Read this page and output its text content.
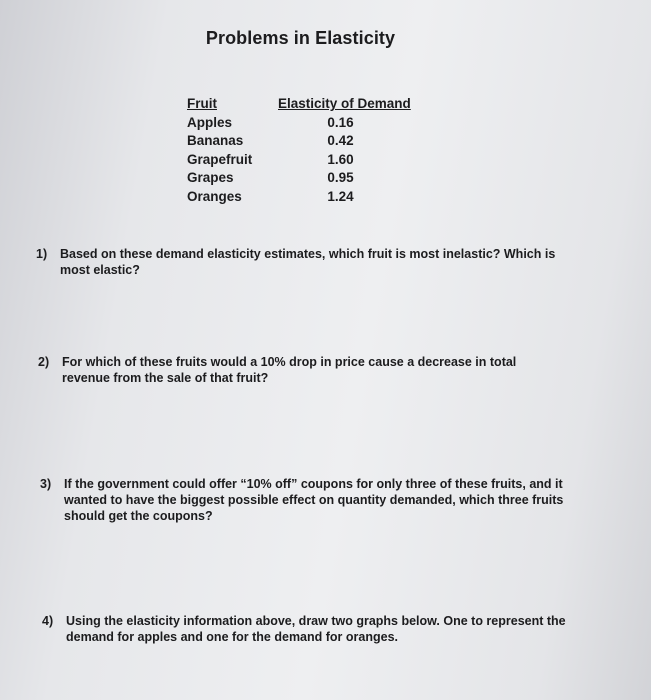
Problems in Elasticity
Fruit
Apples
Bananas
Grapefruit
Grapes
Oranges
Elasticity of Demand
0.16
0.42
1.60
0.95
1.24
1) Based on these demand elasticity estimates, which fruit is most inelastic? Which is most elastic?
2) For which of these fruits would a 10% drop in price cause a decrease in total revenue from the sale of that fruit?
3) If the government could offer “10% off” coupons for only three of these fruits, and it wanted to have the biggest possible effect on quantity demanded, which three fruits should get the coupons?
4) Using the elasticity information above, draw two graphs below. One to represent the demand for apples and one for the demand for oranges.
